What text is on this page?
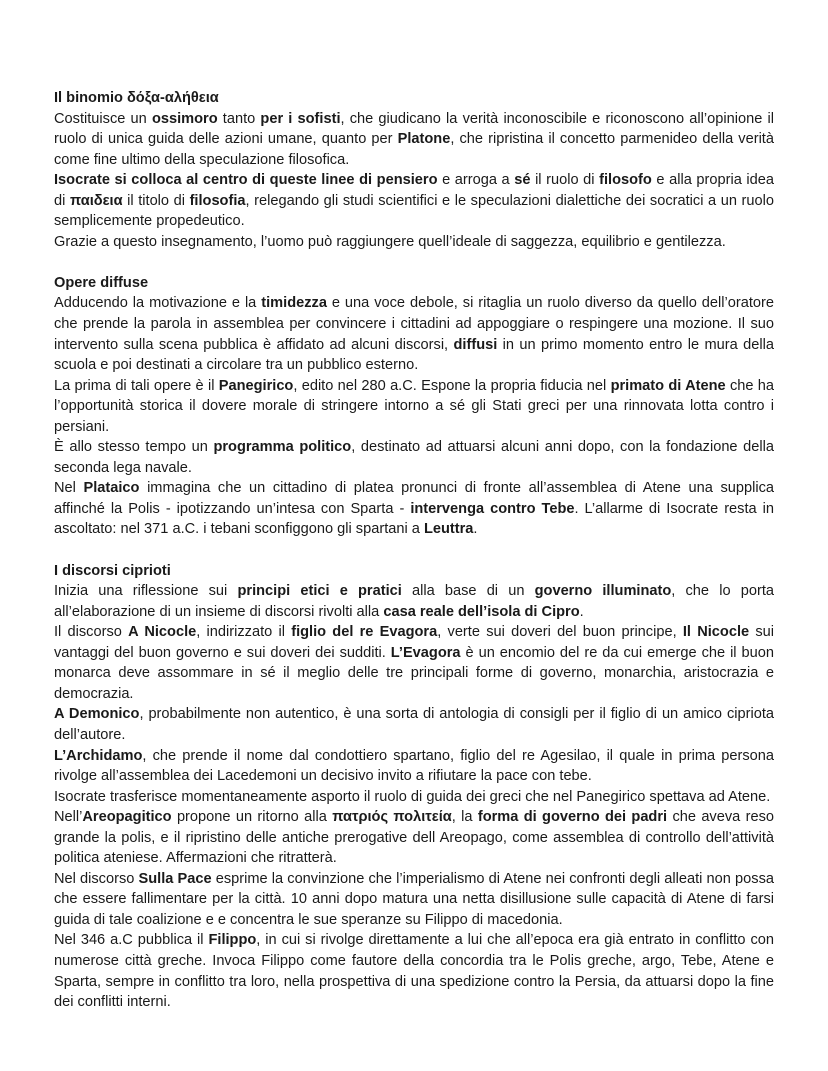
Il binomio δόξα-αλήθεια

Costituisce un ossimoro tanto per i sofisti, che giudicano la verità inconoscibile e riconoscono all’opinione il ruolo di unica guida delle azioni umane, quanto per Platone, che ripristina il concetto parmenideo della verità come fine ultimo della speculazione filosofica.

Isocrate si colloca al centro di queste linee di pensiero e arroga a sé il ruolo di filosofo e alla propria idea di παιδεια il titolo di filosofia, relegando gli studi scientifici e le speculazioni dialettiche dei socratici a un ruolo semplicemente propedeutico.

Grazie a questo insegnamento, l’uomo può raggiungere quell’ideale di saggezza, equilibrio e gentilezza.

Opere diffuse

Adducendo la motivazione e la timidezza e una voce debole, si ritaglia un ruolo diverso da quello dell’oratore che prende la parola in assemblea per convincere i cittadini ad appoggiare o respingere una mozione. Il suo intervento sulla scena pubblica è affidato ad alcuni discorsi, diffusi in un primo momento entro le mura della scuola e poi destinati a circolare tra un pubblico esterno.

La prima di tali opere è il Panegirico, edito nel 280 a.C. Espone la propria fiducia nel primato di Atene che ha l’opportunità storica il dovere morale di stringere intorno a sé gli Stati greci per una rinnovata lotta contro i persiani.

È allo stesso tempo un programma politico, destinato ad attuarsi alcuni anni dopo, con la fondazione della seconda lega navale.

Nel Plataico immagina che un cittadino di platea pronunci di fronte all’assemblea di Atene una supplica affinché la Polis - ipotizzando un’intesa con Sparta - intervenga contro Tebe. L’allarme di Isocrate resta in ascoltato: nel 371 a.C. i tebani sconfiggono gli spartani a Leuttra.

I discorsi ciprioti

Inizia una riflessione sui principi etici e pratici alla base di un governo illuminato, che lo porta all’elaborazione di un insieme di discorsi rivolti alla casa reale dell’isola di Cipro.

Il discorso A Nicocle, indirizzato il figlio del re Evagora, verte sui doveri del buon principe, Il Nicocle sui vantaggi del buon governo e sui doveri dei sudditi. L’Evagora è un encomio del re da cui emerge che il buon monarca deve assommare in sé il meglio delle tre principali forme di governo, monarchia, aristocrazia e democrazia.

A Demonico, probabilmente non autentico, è una sorta di antologia di consigli per il figlio di un amico cipriota dell’autore.

L’Archidamo, che prende il nome dal condottiero spartano, figlio del re Agesilao, il quale in prima persona rivolge all’assemblea dei Lacedemoni un decisivo invito a rifiutare la pace con tebe.

Isocrate trasferisce momentaneamente asporto il ruolo di guida dei greci che nel Panegirico spettava ad Atene.

Nell’Areopagitico propone un ritorno alla πατριός πολιτεία, la forma di governo dei padri che aveva reso grande la polis, e il ripristino delle antiche prerogative dell Areopago, come assemblea di controllo dell’attività politica ateniese. Affermazioni che ritratterà.

Nel discorso Sulla Pace esprime la convinzione che l’imperialismo di Atene nei confronti degli alleati non possa che essere fallimentare per la città. 10 anni dopo matura una netta disillusione sulle capacità di Atene di farsi guida di tale coalizione e e concentra le sue speranze su Filippo di macedonia.

Nel 346 a.C pubblica il Filippo, in cui si rivolge direttamente a lui che all’epoca era già entrato in conflitto con numerose città greche. Invoca Filippo come fautore della concordia tra le Polis greche, argo, Tebe, Atene e Sparta, sempre in conflitto tra loro, nella prospettiva di una spedizione contro la Persia, da attuarsi dopo la fine dei conflitti interni.
